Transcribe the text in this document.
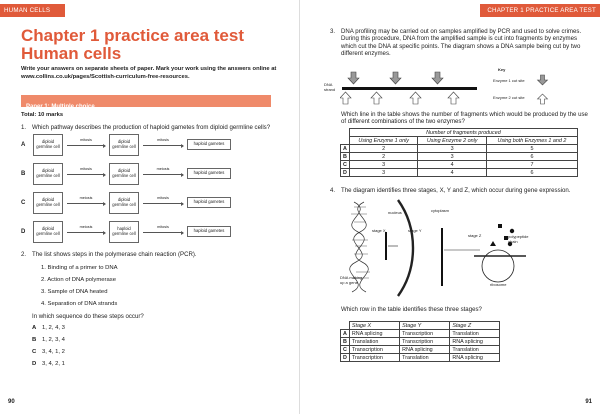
HUMAN CELLS
Chapter 1 practice area test
Human cells
Write your answers on separate sheets of paper. Mark your work using the answers online at www.collins.co.uk/pages/Scottish-curriculum-free-resources.
Paper 1: Multiple choice
Total: 10 marks
1. Which pathway describes the production of haploid gametes from diploid germline cells?
A
diploid germline cell
mitosis	diploid germline cell
mitosis
haploid gametes
B
diploid germline cell
mitosis	diploid germline cell
meiosis
haploid gametes
C
diploid germline cell
meiosis	diploid germline cell
mitosis
haploid gametes
D
diploid germline cell
meiosis	haploid germline cell
mitosis
haploid gametes
2. The list shows steps in the polymerase chain reaction (PCR).
1. Binding of a primer to DNA
2. Action of DNA polymerase
3. Sample of DNA heated
4. Separation of DNA strands
In which sequence do these steps occur?
A 1, 2, 4, 3
B 1, 2, 3, 4
C 3, 4, 1, 2
D 3, 4, 2, 1
90
CHAPTER 1 PRACTICE AREA TEST
3. DNA profiling may be carried out on samples amplified by PCR and used to solve crimes. During this procedure, DNA from the amplified sample is cut into fragments by enzymes which cut the DNA at specific points. The diagram shows a DNA sample being cut by two different enzymes.
DNA strand
Key
Enzyme 1 cut site
Enzyme 2 cut site
Which line in the table shows the number of fragments which would be produced by the use of different combinations of the two enzymes?
	Number of fragments produced		
	Using Enzyme 1 only	Using Enzyme 2 only	Using both Enzymes 1 and 2
A	2	3	5
B	2	3	6
C	3	4	7
D	3	4	6
4. The diagram identifies three stages, X, Y and Z, which occur during gene expression.
nucleus	cytoplasm
stage X	stage Y
stage Z	polypeptide chain
DNA making up a gene	ribosome
Which row in the table identifies these three stages?
	Stage X	Stage Y	Stage Z
A	RNA splicing	Transcription	Translation
B	Translation	Transcription	RNA splicing
C	Transcription	RNA splicing	Translation
D	Transcription	Translation	RNA splicing
91
